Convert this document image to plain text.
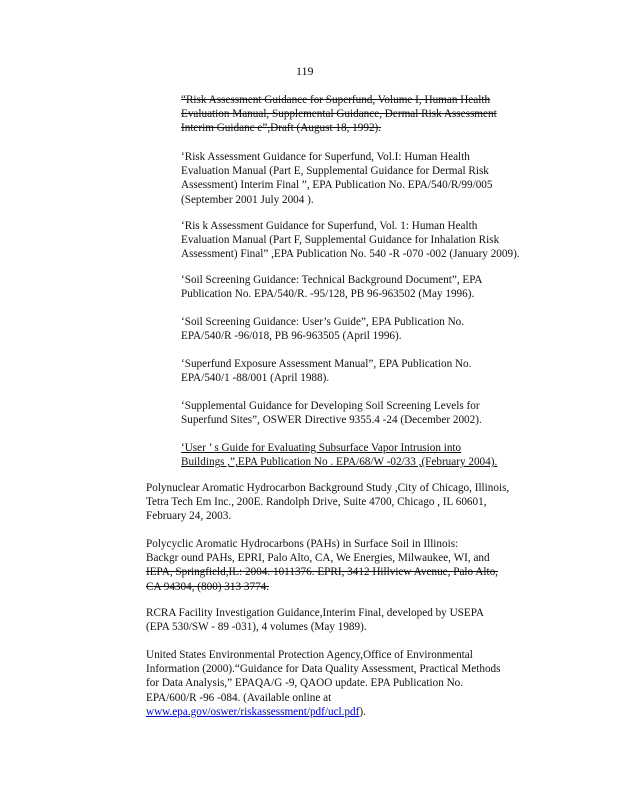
119
“Risk Assessment Guidance for Superfund, Volume I, Human Health
Evaluation Manual, Supplemental Guidance, Dermal Risk Assessment
Interim Guidanc e”,Draft (August 18, 1992).
‘Risk Assessment Guidance for Superfund, Vol.I: Human Health
Evaluation Manual (Part E, Supplemental Guidance for Dermal Risk
Assessment) Interim Final ”, EPA Publication No. EPA/540/R/99/005
(September 2001 July 2004 ).
‘Ris k Assessment Guidance for Superfund, Vol. 1: Human Health
Evaluation Manual (Part F, Supplemental Guidance for Inhalation Risk
Assessment) Final” ,EPA Publication No. 540 -R -070 -002 (January 2009).
‘Soil Screening Guidance: Technical Background Document”, EPA
Publication No. EPA/540/R. -95/128, PB 96-963502 (May 1996).
‘Soil Screening Guidance: User’s Guide”, EPA Publication No.
EPA/540/R -96/018, PB 96-963505 (April 1996).
‘Superfund Exposure Assessment Manual”, EPA Publication No.
EPA/540/1 -88/001 (April 1988).
‘Supplemental Guidance for Developing Soil Screening Levels for
Superfund Sites”, OSWER Directive 9355.4 -24 (December 2002).
‘User ’ s Guide for Evaluating Subsurface Vapor Intrusion into
Buildings ,”,EPA Publication No . EPA/68/W -02/33 ,(February 2004).
Polynuclear Aromatic Hydrocarbon Background Study ,City of Chicago, Illinois,
Tetra Tech Em Inc., 200E. Randolph Drive, Suite 4700, Chicago , IL 60601,
February 24, 2003.
Polycyclic Aromatic Hydrocarbons (PAHs) in Surface Soil in Illinois:
Backgr ound PAHs, EPRI, Palo Alto, CA, We Energies, Milwaukee, WI, and
IEPA, Springfield,IL: 2004. 1011376. EPRI, 3412 Hillview Avenue, Palo Alto,
CA 94304, (800) 313 3774.
RCRA Facility Investigation Guidance,Interim Final, developed by USEPA
(EPA 530/SW - 89 -031), 4 volumes (May 1989).
United States Environmental Protection Agency,Office of Environmental
Information (2000).“Guidance for Data Quality Assessment, Practical Methods
for Data Analysis,” EPAQA/G -9, QAOO update. EPA Publication No.
EPA/600/R -96 -084. (Available online at
www.epa.gov/oswer/riskassessment/pdf/ucl.pdf).
